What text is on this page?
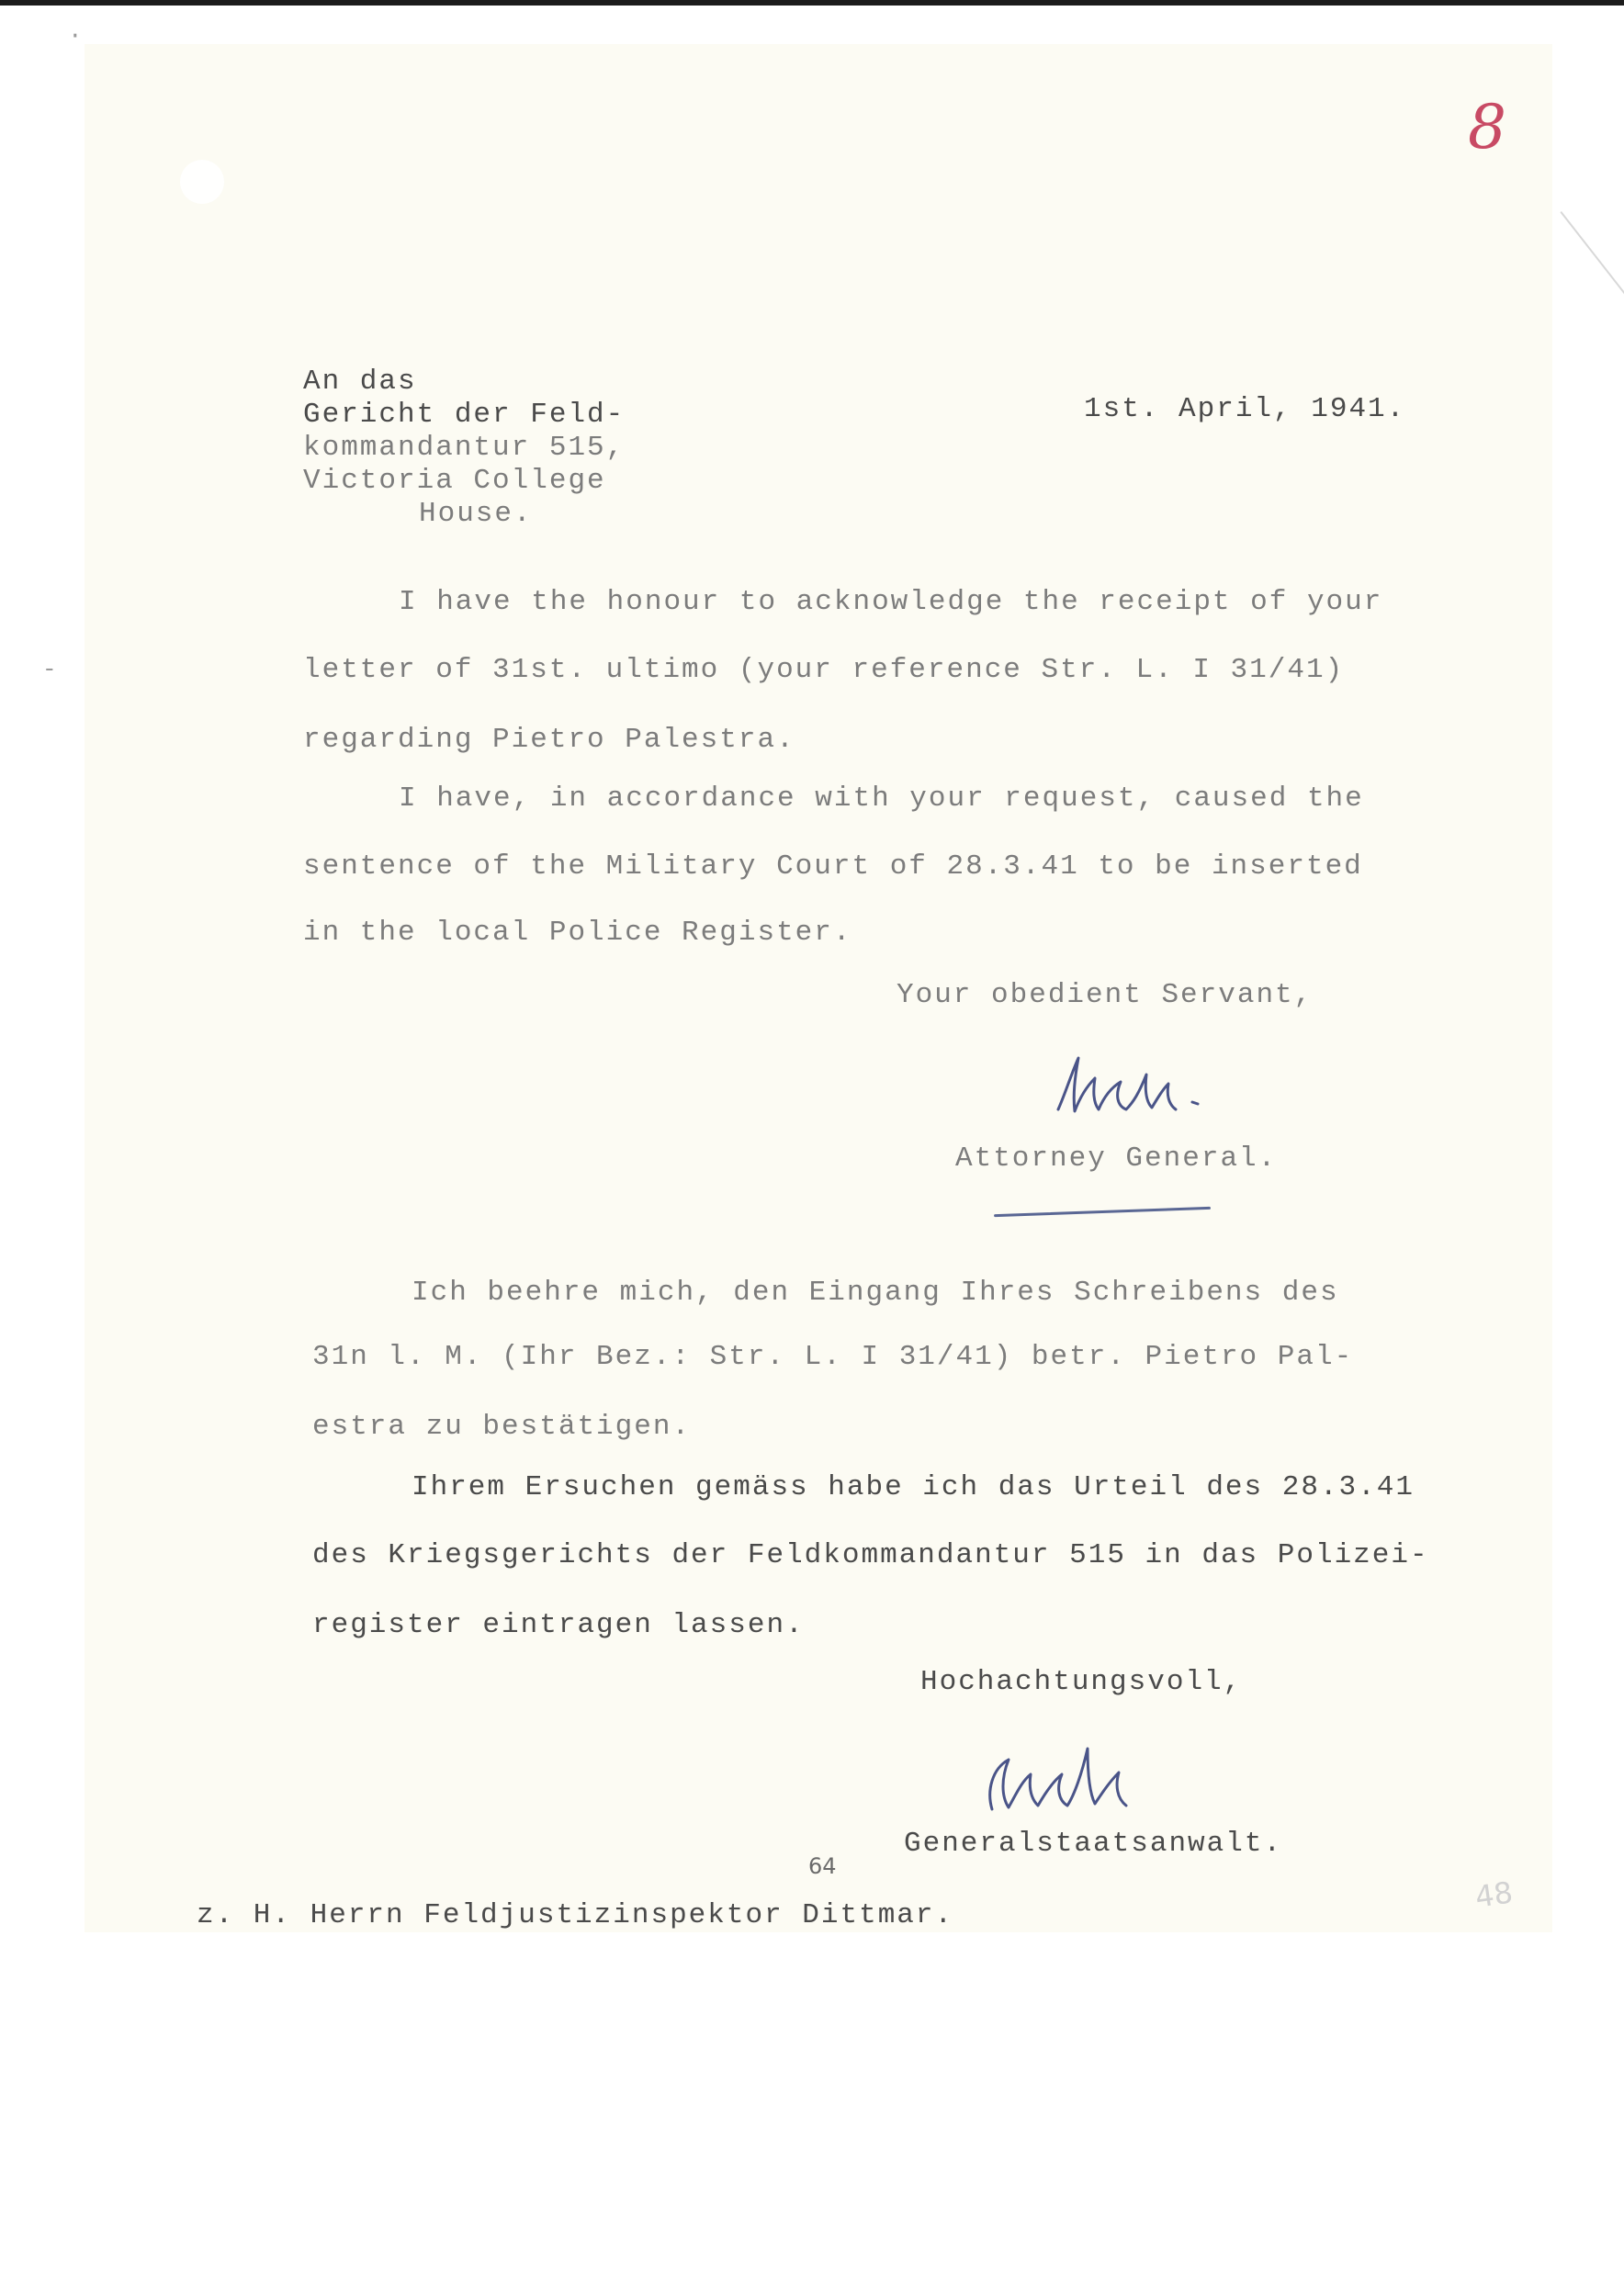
·
-
8
An das
Gericht der Feld-
kommandantur 515,
Victoria College
House.
1st. April, 1941.
I have the honour to acknowledge the receipt of your
letter of 31st. ultimo (your reference Str. L. I 31/41)
regarding Pietro Palestra.
I have, in accordance with your request, caused the
sentence of the Military Court of 28.3.41 to be inserted
in the local Police Register.
Your obedient Servant,
Attorney General.
Ich beehre mich, den Eingang Ihres Schreibens des
31n l. M. (Ihr Bez.: Str. L. I 31/41) betr. Pietro Pal-
estra zu bestätigen.
Ihrem Ersuchen gemäss habe ich das Urteil des 28.3.41
des Kriegsgerichts der Feldkommandantur 515 in das Polizei-
register eintragen lassen.
Hochachtungsvoll,
Generalstaatsanwalt.
64
48
z. H. Herrn Feldjustizinspektor Dittmar.
